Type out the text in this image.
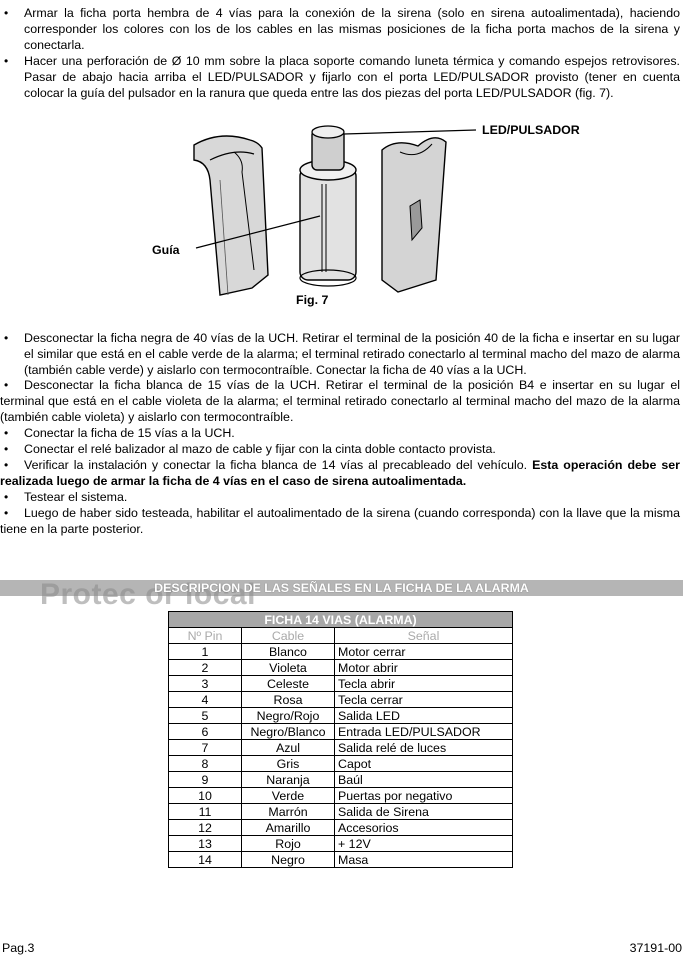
• Armar la ficha porta hembra de 4 vías para la conexión de la sirena (solo en sirena autoalimentada), haciendo corresponder los colores con los de los cables en las mismas posiciones de la ficha porta machos de la sirena y conectarla.
• Hacer una perforación de Ø 10 mm sobre la placa soporte comando luneta térmica y comando espejos retrovisores. Pasar de abajo hacia arriba el LED/PULSADOR y fijarlo con el porta LED/PULSADOR provisto (tener en cuenta colocar la guía del pulsador en la ranura que queda entre las dos piezas del porta LED/PULSADOR (fig. 7).
LED/PULSADOR
Guía
Fig. 7
• Desconectar la ficha negra de 40 vías de la UCH. Retirar el terminal de la posición 40 de la ficha e insertar en su lugar el similar que está en el cable verde de la alarma; el terminal retirado conectarlo al terminal macho del mazo de alarma (también cable verde) y aislarlo con termocontraíble. Conectar la ficha de 40 vías a la UCH.
• Desconectar la ficha blanca de 15 vías de la UCH. Retirar el terminal de la posición B4 e insertar en su lugar el terminal que está en el cable violeta de la alarma; el terminal retirado conectarlo al terminal macho del mazo de la alarma (también cable violeta) y aislarlo con termocontraíble.
• Conectar la ficha de 15 vías a la UCH.
• Conectar el relé balizador al mazo de cable y fijar con la cinta doble contacto provista.
• Verificar la instalación y conectar la ficha blanca de 14 vías al precableado del vehículo. Esta operación debe ser realizada luego de armar la ficha de 4 vías en el caso de sirena autoalimentada.
• Testear el sistema.
• Luego de haber sido testeada, habilitar el autoalimentado de la sirena (cuando corresponda) con la llave que la misma tiene en la parte posterior.
Protec or local
DESCRIPCION DE LAS SEÑALES EN LA FICHA DE LA ALARMA
FICHA 14 VIAS (ALARMA)		
Nº Pin	Cable	Señal
1	Blanco	Motor cerrar
2	Violeta	Motor abrir
3	Celeste	Tecla abrir
4	Rosa	Tecla cerrar
5	Negro/Rojo	Salida LED
6	Negro/Blanco	Entrada LED/PULSADOR
7	Azul	Salida relé de luces
8	Gris	Capot
9	Naranja	Baúl
10	Verde	Puertas por negativo
11	Marrón	Salida de Sirena
12	Amarillo	Accesorios
13	Rojo	+ 12V
14	Negro	Masa
Pag.3	37191-00
